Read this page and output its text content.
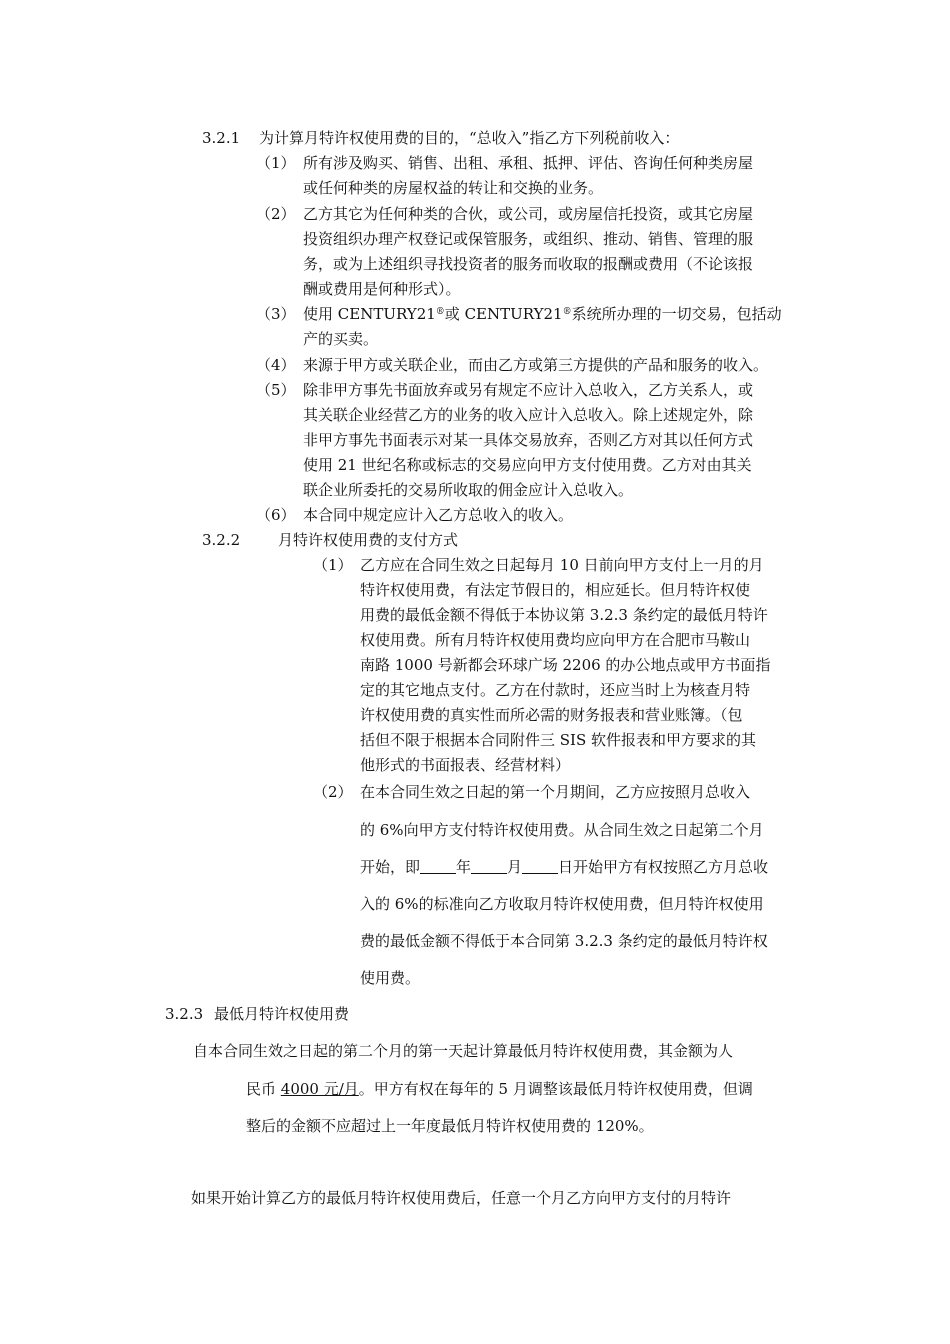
3.2.1 为计算月特许权使用费的目的，“总收入”指乙方下列税前收入：
（1） 所有涉及购买、销售、出租、承租、抵押、评估、咨询任何种类房屋
或任何种类的房屋权益的转让和交换的业务。
（2） 乙方其它为任何种类的合伙，或公司，或房屋信托投资，或其它房屋
投资组织办理产权登记或保管服务，或组织、推动、销售、管理的服
务，或为上述组织寻找投资者的服务而收取的报酬或费用（不论该报
酬或费用是何种形式）。
（3） 使用 CENTURY21®或 CENTURY21®系统所办理的一切交易，包括动
产的买卖。
（4） 来源于甲方或关联企业，而由乙方或第三方提供的产品和服务的收入。
（5） 除非甲方事先书面放弃或另有规定不应计入总收入，乙方关系人，或
其关联企业经营乙方的业务的收入应计入总收入。除上述规定外，除
非甲方事先书面表示对某一具体交易放弃，否则乙方对其以任何方式
使用 21 世纪名称或标志的交易应向甲方支付使用费。乙方对由其关
联企业所委托的交易所收取的佣金应计入总收入。
（6） 本合同中规定应计入乙方总收入的收入。
3.2.2	月特许权使用费的支付方式
（1） 乙方应在合同生效之日起每月 10 日前向甲方支付上一月的月
特许权使用费，有法定节假日的，相应延长。但月特许权使
用费的最低金额不得低于本协议第 3.2.3 条约定的最低月特许
权使用费。所有月特许权使用费均应向甲方在合肥市马鞍山
南路 1000 号新都会环球广场 2206 的办公地点或甲方书面指
定的其它地点支付。乙方在付款时，还应当时上为核查月特
许权使用费的真实性而所必需的财务报表和营业账簿。（包
括但不限于根据本合同附件三 SIS 软件报表和甲方要求的其
他形式的书面报表、经营材料）
（2） 在本合同生效之日起的第一个月期间，乙方应按照月总收入
的 6%向甲方支付特许权使用费。从合同生效之日起第二个月
开始，即 年 月 日开始甲方有权按照乙方月总收
入的 6%的标准向乙方收取月特许权使用费，但月特许权使用
费的最低金额不得低于本合同第 3.2.3 条约定的最低月特许权
使用费。
3.2.3 最低月特许权使用费
自本合同生效之日起的第二个月的第一天起计算最低月特许权使用费，其金额为人
民币 4000 元/月。甲方有权在每年的 5 月调整该最低月特许权使用费，但调
整后的金额不应超过上一年度最低月特许权使用费的 120%。
如果开始计算乙方的最低月特许权使用费后，任意一个月乙方向甲方支付的月特许
